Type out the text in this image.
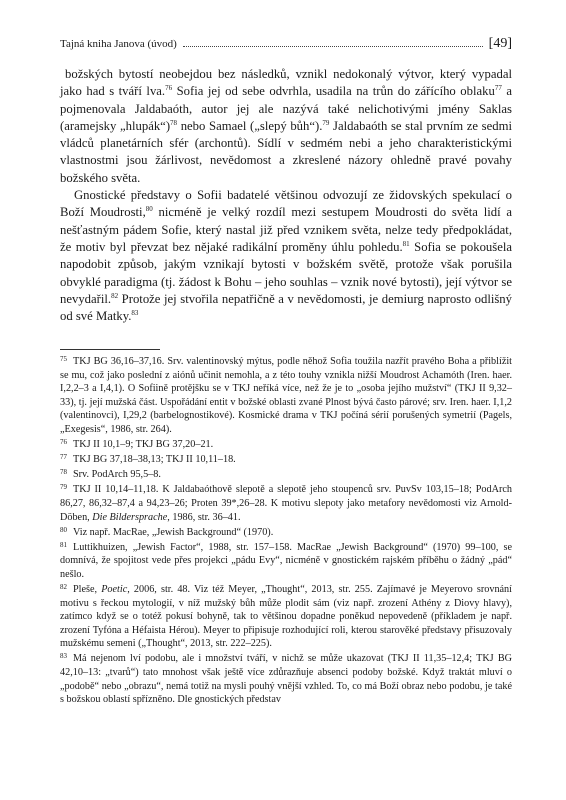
Tajná kniha Janova (úvod)	[49]

božských bytostí neobejdou bez následků, vznikl nedokonalý výtvor, který vypadal jako had s tváří lva.$^{76}$ Sofia jej od sebe odvrhla, usadila na trůn do zářícího oblaku$^{77}$ a pojmenovala Jaldabaóth, autor jej ale nazývá také nelichotivými jmény Saklas (aramejsky „hlupák“)$^{78}$ nebo Samael („slepý bůh“).$^{79}$ Jaldabaóth se stal prvním ze sedmi vládců planetárních sfér (archontů). Sídlí v sedmém nebi a jeho charakteristickými vlastnostmi jsou žárlivost, nevědomost a zkreslené názory ohledně pravé povahy božského světa.

Gnostické představy o Sofii badatelé většinou odvozují ze židovských spekulací o Boží Moudrosti,$^{80}$ nicméně je velký rozdíl mezi sestupem Moudrosti do světa lidí a nešťastným pádem Sofie, který nastal již před vznikem světa, nelze tedy předpokládat, že motiv byl převzat bez nějaké radikální proměny úhlu pohledu.$^{81}$ Sofia se pokoušela napodobit způsob, jakým vznikají bytosti v božském světě, protože však porušila obvyklé paradigma (tj. žádost k Bohu – jeho souhlas – vznik nové bytosti), její výtvor se nevydařil.$^{82}$ Protože jej stvořila nepatřičně a v nevědomosti, je demiurg naprosto odlišný od své Matky.$^{83}$

75 TKJ BG 36,16–37,16. Srv. valentinovský mýtus, podle něhož Sofia toužila nazřít pravého Boha a přiblížit se mu, což jako poslední z aiónů učinit nemohla, a z této touhy vznikla nižší Moudrost Achamóth (Iren. haer. I,2,2–3 a I,4,1). O Sofiině protějšku se v TKJ neříká více, než že je to „osoba jejího mužství“ (TKJ II 9,32–33), tj. její mužská část. Uspořádání entit v božské oblasti zvané Plnost bývá často párové; srv. Iren. haer. I,1,2 (valentinovci), I,29,2 (barbelognostikové). Kosmické drama v TKJ počíná sérií porušených symetrií (Pagels, „Exegesis“, 1986, str. 264).

76 TKJ II 10,1–9; TKJ BG 37,20–21.

77 TKJ BG 37,18–38,13; TKJ II 10,11–18.

78 Srv. PodArch 95,5–8.

79 TKJ II 10,14–11,18. K Jaldabaóthově slepotě a slepotě jeho stoupenců srv. PuvSv 103,15–18; PodArch 86,27, 86,32–87,4 a 94,23–26; Proten 39*,26–28. K motivu slepoty jako metafory nevědomosti viz Arnold-Döben, Die Bildersprache, 1986, str. 36–41.

80 Viz např. MacRae, „Jewish Background“ (1970).

81 Luttikhuizen, „Jewish Factor“, 1988, str. 157–158. MacRae „Jewish Background“ (1970) 99–100, se domnívá, že spojitost vede přes projekci „pádu Evy“, nicméně v gnostickém rajském příběhu o žádný „pád“ nešlo.

82 Pleše, Poetic, 2006, str. 48. Viz též Meyer, „Thought“, 2013, str. 255. Zajímavé je Meyerovo srovnání motivu s řeckou mytologií, v níž mužský bůh může plodit sám (viz např. zrození Athény z Diovy hlavy), zatímco když se o totéž pokusí bohyně, tak to většinou dopadne poněkud nepovedeně (příkladem je např. zrození Tyfóna a Héfaista Hérou). Meyer to připisuje rozhodující roli, kterou starověké představy přisuzovaly mužskému semeni („Thought“, 2013, str. 222–225).

83 Má nejenom lví podobu, ale i množství tváří, v nichž se může ukazovat (TKJ II 11,35–12,4; TKJ BG 42,10–13: „tvarů“) tato mnohost však ještě více zdůrazňuje absenci podoby božské. Když traktát mluví o „podobě“ nebo „obrazu“, nemá totiž na mysli pouhý vnější vzhled. To, co má Boží obraz nebo podobu, je také s božskou oblastí spřízněno. Dle gnostických představ
